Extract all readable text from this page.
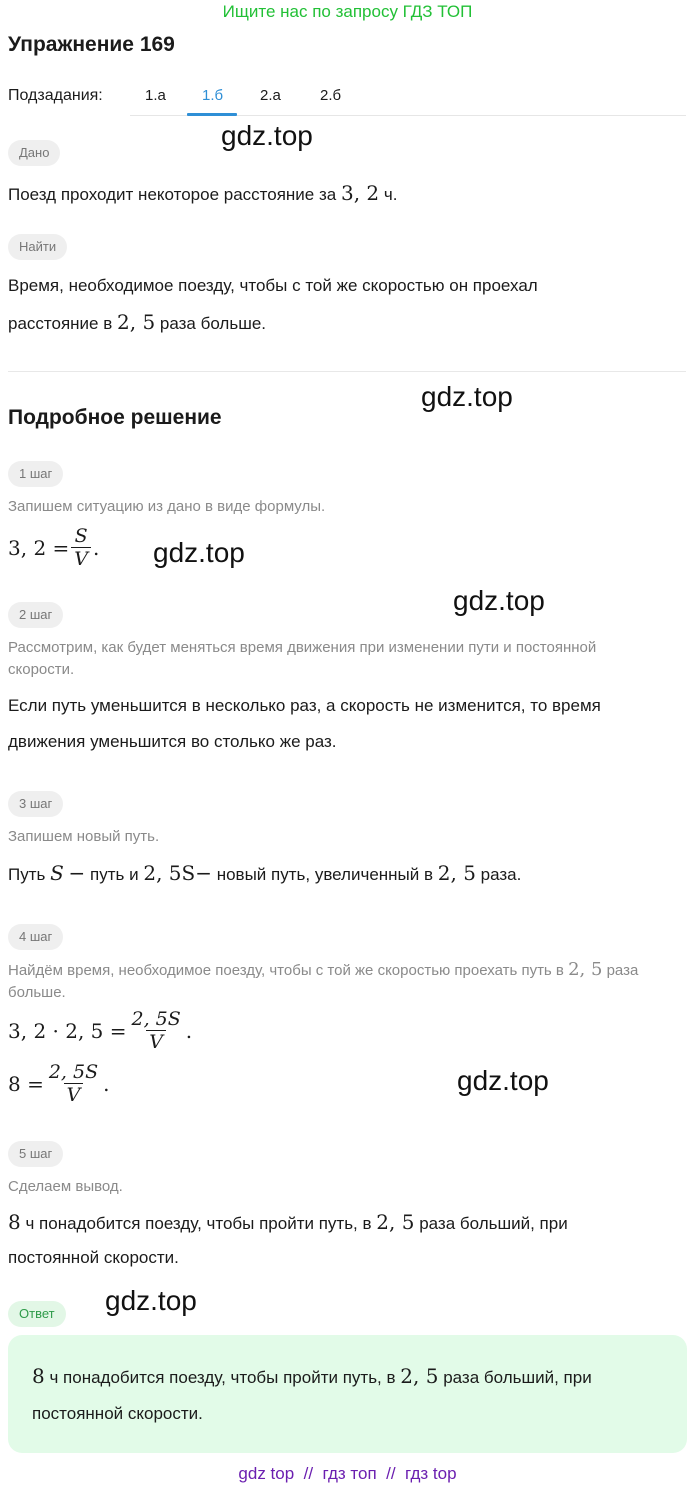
Ищите нас по запросу ГДЗ ТОП
Упражнение 169
Подзадания:	1.а 1.б 2.а	2.б
gdz.top
gdz.top
gdz.top
gdz.top
gdz.top
gdz.top
Дано
Поезд проходит некоторое расстояние за 3, 2 ч.
Найти
Время, необходимое поезду, чтобы с той же скоростью он проехал
расстояние в 2, 5 раза больше.
Подробное решение
1 шаг
Запишем ситуацию из дано в виде формулы.
3, $2 = \frac{S}{V}$ .
2 шаг
Рассмотрим, как будет меняться время движения при изменении пути и постоянной
скорости.
Если путь уменьшится в несколько раз, а скорость не изменится, то время
движения уменьшится во столько же раз.
3 шаг
Запишем новый путь.
Путь S − путь и 2, 5S− новый путь, увеличенный в 2, 5 раза.
4 шаг
Найдём время, необходимое поезду, чтобы с той же скоростью проехать путь в 2, 5 раза
больше.
3, 2 · 2, $5 = \frac{2, 5S}{V}$ .
$8 = \frac{2, 5S}{V}$ .
5 шаг
Сделаем вывод.
8 ч понадобится поезду, чтобы пройти путь, в 2, 5 раза больший, при
постоянной скорости.
Ответ
8 ч понадобится поезду, чтобы пройти путь, в 2, 5 раза больший, при
постоянной скорости.
gdz top // гдз топ // гдз top
